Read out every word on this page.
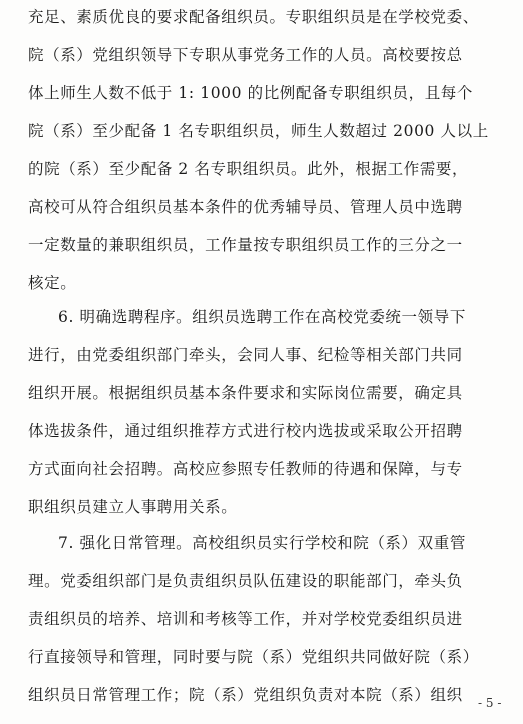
充足、素质优良的要求配备组织员。专职组织员是在学校党委、
院（系）党组织领导下专职从事党务工作的人员。高校要按总
体上师生人数不低于 1: 1000 的比例配备专职组织员，且每个
院（系）至少配备 1 名专职组织员，师生人数超过 2000 人以上
的院（系）至少配备 2 名专职组织员。此外，根据工作需要，
高校可从符合组织员基本条件的优秀辅导员、管理人员中选聘
一定数量的兼职组织员，工作量按专职组织员工作的三分之一
核定。
6. 明确选聘程序。组织员选聘工作在高校党委统一领导下
进行，由党委组织部门牵头，会同人事、纪检等相关部门共同
组织开展。根据组织员基本条件要求和实际岗位需要，确定具
体选拔条件，通过组织推荐方式进行校内选拔或采取公开招聘
方式面向社会招聘。高校应参照专任教师的待遇和保障，与专
职组织员建立人事聘用关系。
7. 强化日常管理。高校组织员实行学校和院（系）双重管
理。党委组织部门是负责组织员队伍建设的职能部门，牵头负
责组织员的培养、培训和考核等工作，并对学校党委组织员进
行直接领导和管理，同时要与院（系）党组织共同做好院（系）
组织员日常管理工作；院（系）党组织负责对本院（系）组织 - 5 -
